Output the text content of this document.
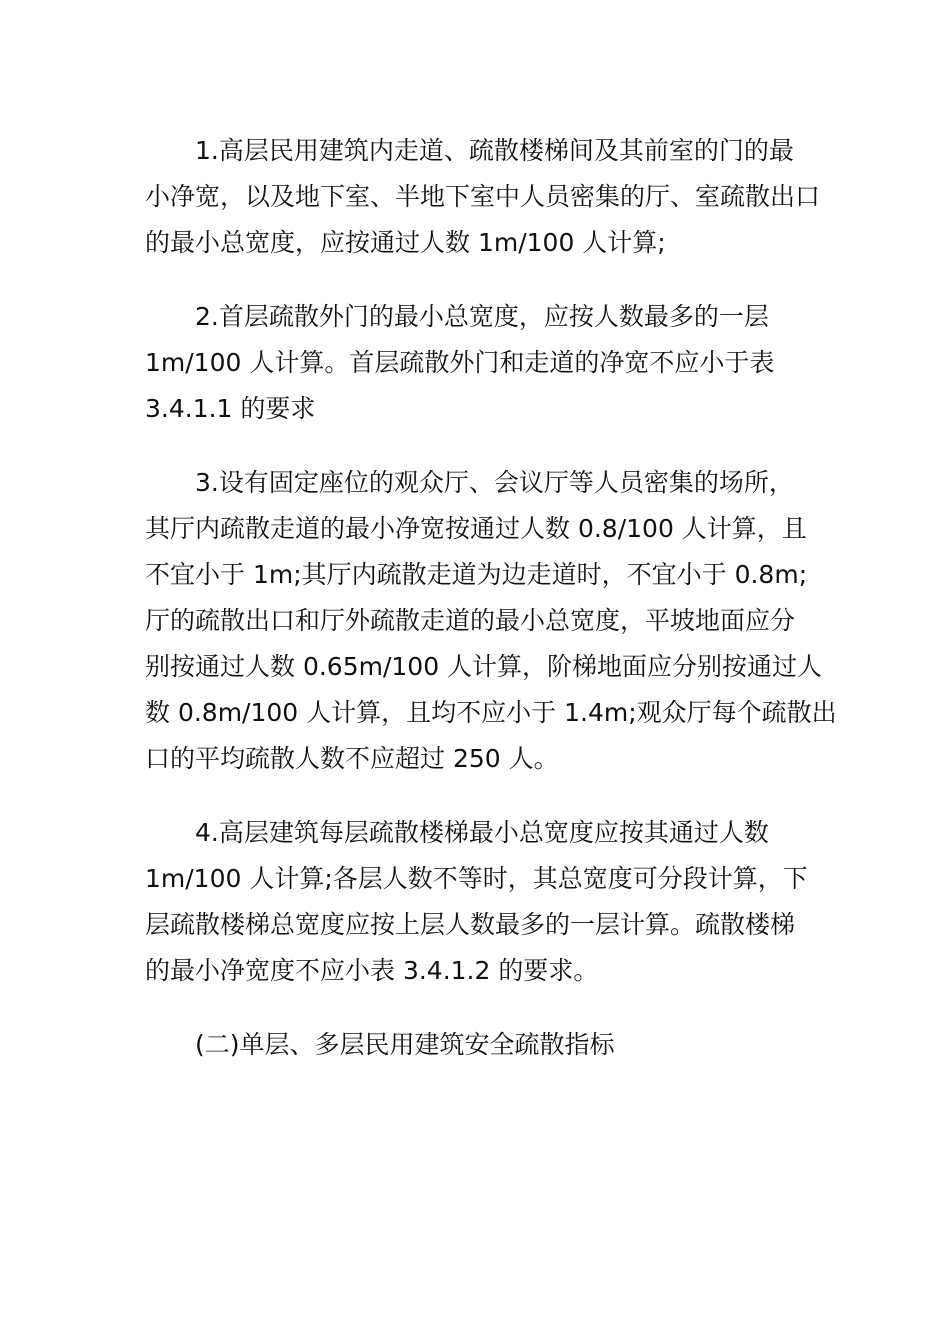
1.高层民用建筑内走道、疏散楼梯间及其前室的门的最
小净宽，以及地下室、半地下室中人员密集的厅、室疏散出口
的最小总宽度，应按通过人数 1m/100 人计算;
2.首层疏散外门的最小总宽度，应按人数最多的一层
1m/100 人计算。首层疏散外门和走道的净宽不应小于表
3.4.1.1 的要求
3.设有固定座位的观众厅、会议厅等人员密集的场所，
其厅内疏散走道的最小净宽按通过人数 0.8/100 人计算，且
不宜小于 1m;其厅内疏散走道为边走道时，不宜小于 0.8m;
厅的疏散出口和厅外疏散走道的最小总宽度，平坡地面应分
别按通过人数 0.65m/100 人计算，阶梯地面应分别按通过人
数 0.8m/100 人计算，且均不应小于 1.4m;观众厅每个疏散出
口的平均疏散人数不应超过 250 人。
4.高层建筑每层疏散楼梯最小总宽度应按其通过人数
1m/100 人计算;各层人数不等时，其总宽度可分段计算，下
层疏散楼梯总宽度应按上层人数最多的一层计算。疏散楼梯
的最小净宽度不应小表 3.4.1.2 的要求。
(二)单层、多层民用建筑安全疏散指标
